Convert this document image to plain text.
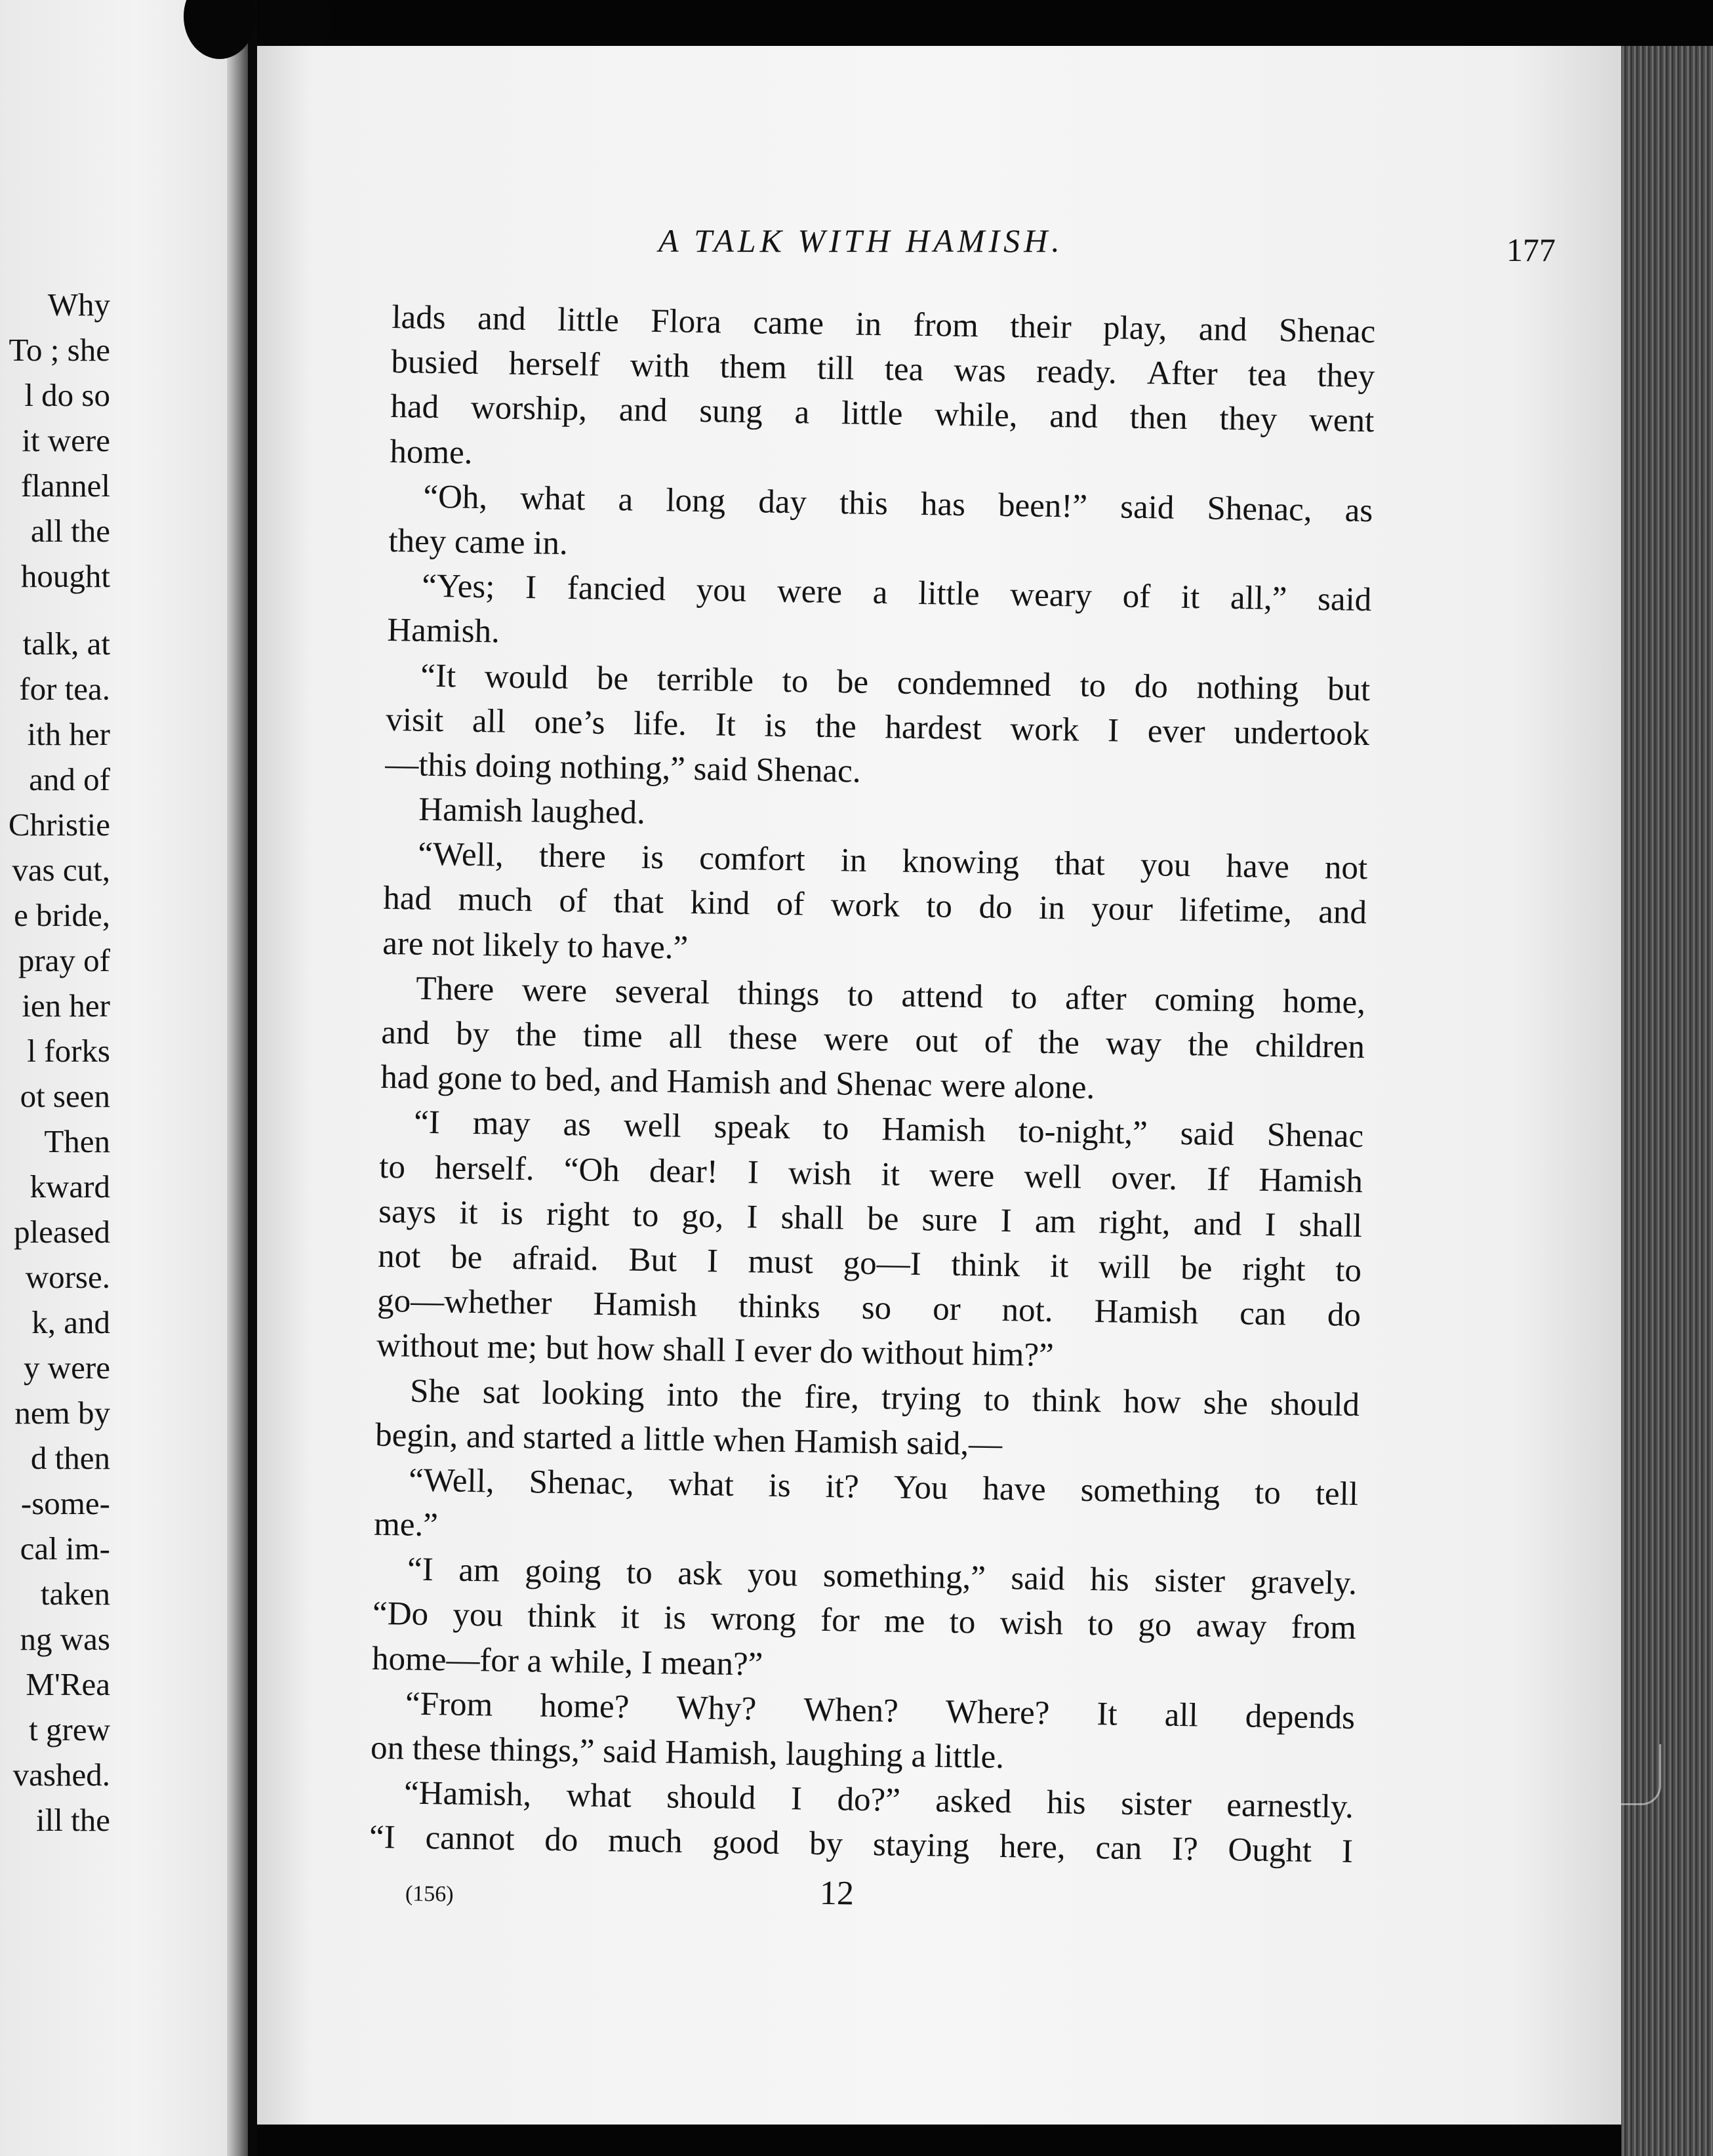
Why
To ; she
l do so
it were
flannel
all the
hought
talk, at
for tea.
ith her
and of
Christie
vas cut,
e bride,
pray of
ien her
l forks
ot seen
Then
kward
pleased
worse.
k, and
y were
nem by
d then
-some-
cal im-
taken
ng was
M'Rea
t grew
vashed.
ill the
A TALK WITH HAMISH.	177
lads and little Flora came in from their play, and Shenac
busied herself with them till tea was ready. After tea they
had worship, and sung a little while, and then they went
home.
“Oh, what a long day this has been!” said Shenac, as
they came in.
“Yes; I fancied you were a little weary of it all,” said
Hamish.
“It would be terrible to be condemned to do nothing but
visit all one’s life. It is the hardest work I ever undertook
—this doing nothing,” said Shenac.
Hamish laughed.
“Well, there is comfort in knowing that you have not
had much of that kind of work to do in your lifetime, and
are not likely to have.”
There were several things to attend to after coming home,
and by the time all these were out of the way the children
had gone to bed, and Hamish and Shenac were alone.
“I may as well speak to Hamish to-night,” said Shenac
to herself. “Oh dear! I wish it were well over. If Hamish
says it is right to go, I shall be sure I am right, and I shall
not be afraid. But I must go—I think it will be right to
go—whether Hamish thinks so or not. Hamish can do
without me; but how shall I ever do without him?”
She sat looking into the fire, trying to think how she should
begin, and started a little when Hamish said,—
“Well, Shenac, what is it? You have something to tell
me.”
“I am going to ask you something,” said his sister gravely.
“Do you think it is wrong for me to wish to go away from
home—for a while, I mean?”
“From home? Why? When? Where? It all depends
on these things,” said Hamish, laughing a little.
“Hamish, what should I do?” asked his sister earnestly.
“I cannot do much good by staying here, can I? Ought I
(156)	12
